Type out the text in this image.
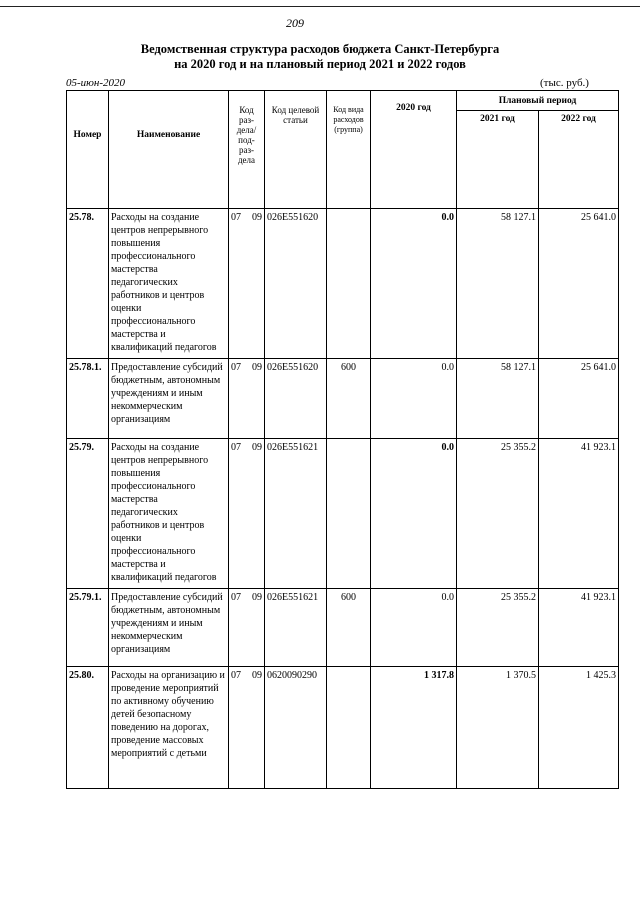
209
Ведомственная структура расходов бюджета Санкт-Петербурга
на 2020 год и на плановый период 2021 и 2022 годов
05-июн-2020	(тыс. руб.)
Номер	Наименование	Код раз-дела/ под-раз-дела	Код целевой статьи	Код вида расходов (группа)	2020 год	Плановый период	
						2021 год	2022 год
25.78.	Расходы на создание центров непрерывного повышения профессионального мастерства педагогических работников и центров оценки профессионального мастерства и квалификаций педагогов	07 09	026E551620		0.0	58 127.1	25 641.0
25.78.1.	Предоставление субсидий бюджетным, автономным учреждениям и иным некоммерческим организациям	07 09	026E551620	600	0.0	58 127.1	25 641.0
25.79.	Расходы на создание центров непрерывного повышения профессионального мастерства педагогических работников и центров оценки профессионального мастерства и квалификаций педагогов	07 09	026E551621		0.0	25 355.2	41 923.1
25.79.1.	Предоставление субсидий бюджетным, автономным учреждениям и иным некоммерческим организациям	07 09	026E551621	600	0.0	25 355.2	41 923.1
25.80.	Расходы на организацию и проведение мероприятий по активному обучению детей безопасному поведению на дорогах, проведение массовых мероприятий с детьми	07 09	0620090290		1 317.8	1 370.5	1 425.3
